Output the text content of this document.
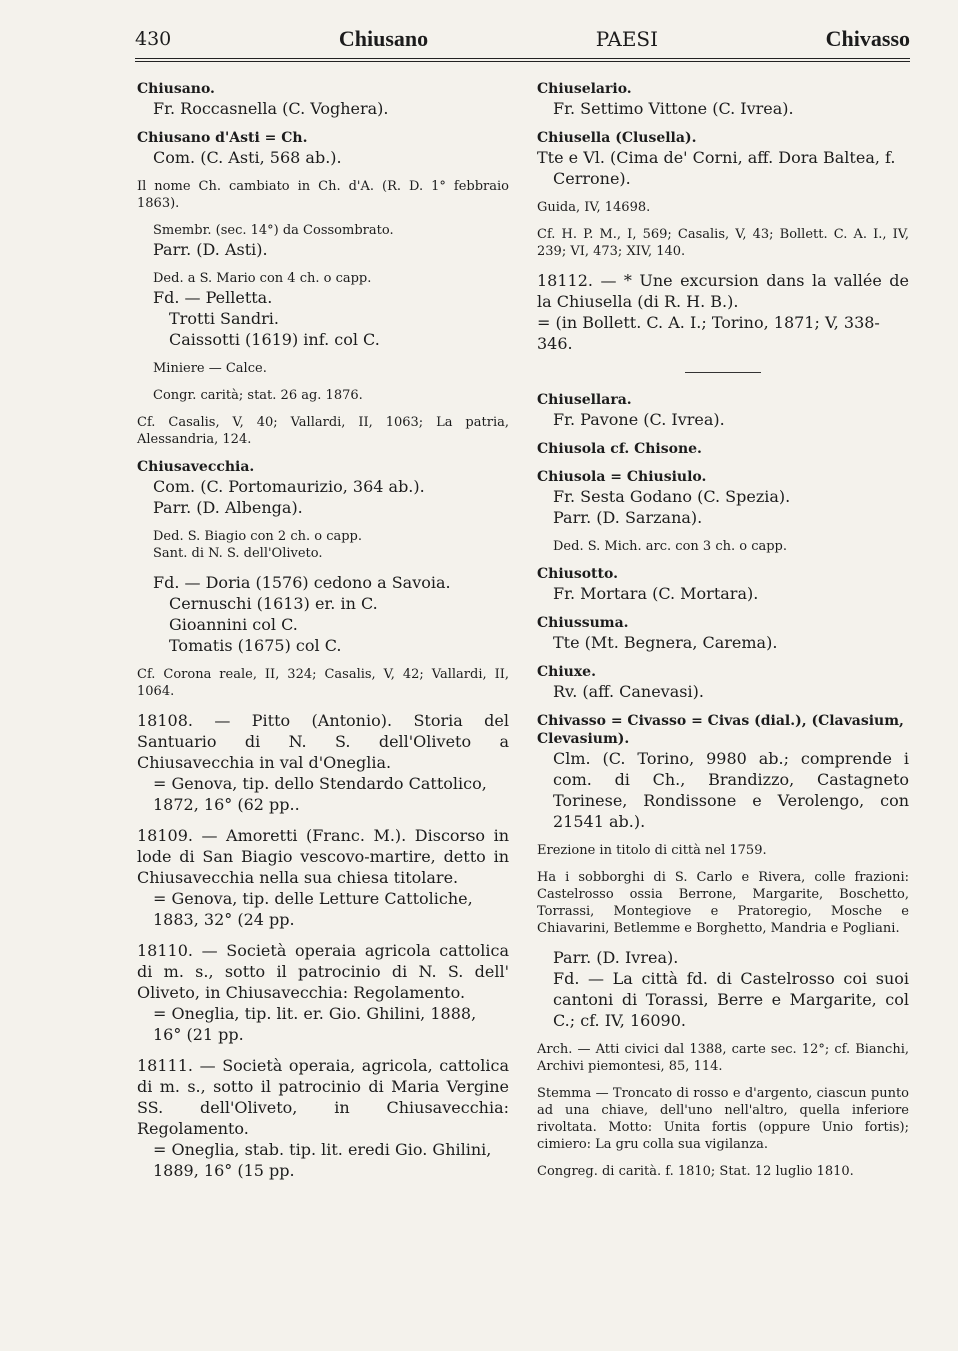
430	Chiusano	PAESI	Chivasso
Chiusano.
Fr. Roccasnella (C. Voghera).
Chiusano d'Asti = Ch.
Com. (C. Asti, 568 ab.).
Il nome Ch. cambiato in Ch. d'A. (R. D. 1° febbraio 1863).
Smembr. (sec. 14°) da Cossombrato.
Parr. (D. Asti).
Ded. a S. Mario con 4 ch. o capp.
Fd. — Pelletta.
Trotti Sandri.
Caissotti (1619) inf. col C.
Miniere — Calce.
Congr. carità; stat. 26 ag. 1876.
Cf. Casalis, V, 40; Vallardi, II, 1063; La patria, Alessandria, 124.
Chiusavecchia.
Com. (C. Portomaurizio, 364 ab.).
Parr. (D. Albenga).
Ded. S. Biagio con 2 ch. o capp.
Sant. di N. S. dell'Oliveto.
Fd. — Doria (1576) cedono a Savoia.
Cernuschi (1613) er. in C.
Gioannini col C.
Tomatis (1675) col C.
Cf. Corona reale, II, 324; Casalis, V, 42; Vallardi, II, 1064.
18108. — Pitto (Antonio). Storia del Santuario di N. S. dell'Oliveto a Chiusavecchia in val d'Oneglia.
= Genova, tip. dello Stendardo Cattolico, 1872, 16° (62 pp..
18109. — Amoretti (Franc. M.). Discorso in lode di San Biagio vescovo-martire, detto in Chiusavecchia nella sua chiesa titolare.
= Genova, tip. delle Letture Cattoliche, 1883, 32° (24 pp.
18110. — Società operaia agricola cattolica di m. s., sotto il patrocinio di N. S. dell' Oliveto, in Chiusavecchia: Regolamento.
= Oneglia, tip. lit. er. Gio. Ghilini, 1888, 16° (21 pp.
18111. — Società operaia, agricola, cattolica di m. s., sotto il patrocinio di Maria Vergine SS. dell'Oliveto, in Chiusavecchia: Regolamento.
= Oneglia, stab. tip. lit. eredi Gio. Ghilini, 1889, 16° (15 pp.
Chiuselario.
Fr. Settimo Vittone (C. Ivrea).
Chiusella (Clusella).
Tte e Vl. (Cima de' Corni, aff. Dora Baltea, f. Cerrone).
Guida, IV, 14698.
Cf. H. P. M., I, 569; Casalis, V, 43; Bollett. C. A. I., IV, 239; VI, 473; XIV, 140.
18112. — * Une excursion dans la vallée de la Chiusella (di R. H. B.).
= (in Bollett. C. A. I.; Torino, 1871; V, 338-346.
Chiusellara.
Fr. Pavone (C. Ivrea).
Chiusola cf. Chisone.
Chiusola = Chiusiulo.
Fr. Sesta Godano (C. Spezia).
Parr. (D. Sarzana).
Ded. S. Mich. arc. con 3 ch. o capp.
Chiusotto.
Fr. Mortara (C. Mortara).
Chiussuma.
Tte (Mt. Begnera, Carema).
Chiuxe.
Rv. (aff. Canevasi).
Chivasso = Civasso = Civas (dial.), (Clavasium, Clevasium).
Clm. (C. Torino, 9980 ab.; comprende i com. di Ch., Brandizzo, Castagneto Torinese, Rondissone e Verolengo, con 21541 ab.).
Erezione in titolo di città nel 1759.
Ha i sobborghi di S. Carlo e Rivera, colle frazioni: Castelrosso ossia Berrone, Margarite, Boschetto, Torrassi, Montegiove e Pratoregio, Mosche e Chiavarini, Betlemme e Borghetto, Mandria e Pogliani.
Parr. (D. Ivrea).
Fd. — La città fd. di Castelrosso coi suoi cantoni di Torassi, Berre e Margarite, col C.; cf. IV, 16090.
Arch. — Atti civici dal 1388, carte sec. 12°; cf. Bianchi, Archivi piemontesi, 85, 114.
Stemma — Troncato di rosso e d'argento, ciascun punto ad una chiave, dell'uno nell'altro, quella inferiore rivoltata. Motto: Unita fortis (oppure Unio fortis); cimiero: La gru colla sua vigilanza.
Congreg. di carità. f. 1810; Stat. 12 luglio 1810.
